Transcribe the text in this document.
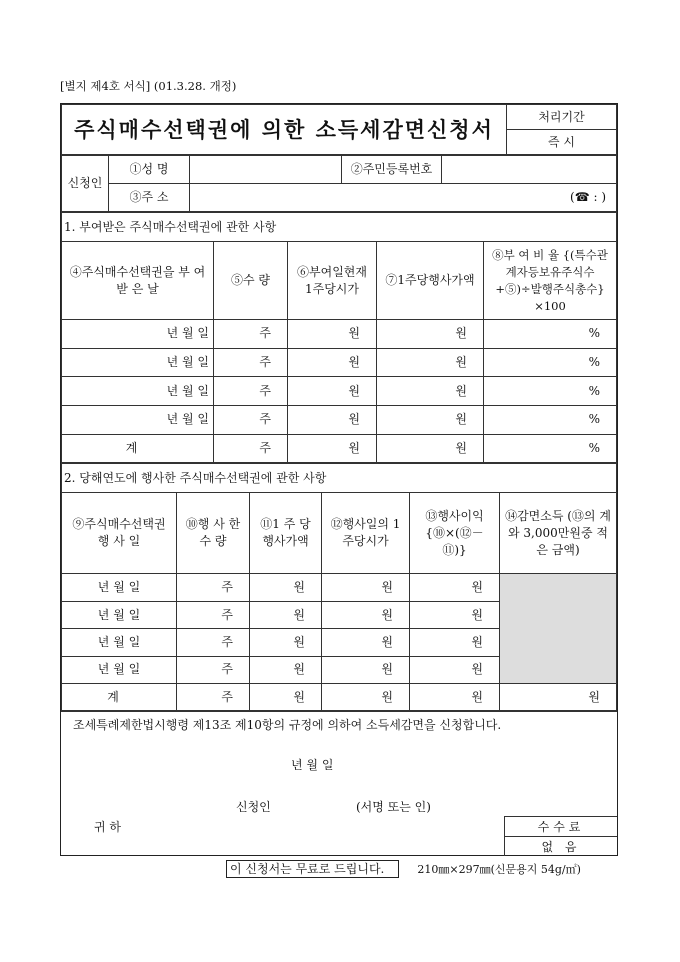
[별지 제4호 서식] (01.3.28. 개정)
주식매수선택권에 의한 소득세감면신청서	처리기간
즉 시
신청인	①성 명		②주민등록번호	
	③주 소	(☎ : )		
1. 부여받은 주식매수선택권에 관한 사항				
④주식매수선택권을 부 여 받 은 날	⑤수 량	⑥부여일현재 1주당시가	⑦1주당행사가액	⑧부 여 비 율 {(특수관계자등보유주식수+⑤)÷발행주식총수}×100
년 월 일	주	원	원	%
년 월 일	주	원	원	%
년 월 일	주	원	원	%
년 월 일	주	원	원	%
계	주	원	원	%
2. 당해연도에 행사한 주식매수선택권에 관한 사항					
⑨주식매수선택권 행 사 일	⑩행 사 한 수 량	⑪1 주 당 행사가액	⑫행사일의 1주당시가	⑬행사이익 {⑩×(⑫－⑪)}	⑭감면소득 (⑬의 계와 3,000만원중 적은 금액)
년 월 일	주	원	원	원	
년 월 일	주	원	원	원	
년 월 일	주	원	원	원	
년 월 일	주	원	원	원	
계	주	원	원	원	원
조세특례제한법시행령 제13조 제10항의 규정에 의하여 소득세감면을 신청합니다.
년 월 일
신청인	(서명 또는 인)
귀 하	수수료
없 음
이 신청서는 무료로 드립니다.	210㎜×297㎜(신문용지 54g/㎡)
